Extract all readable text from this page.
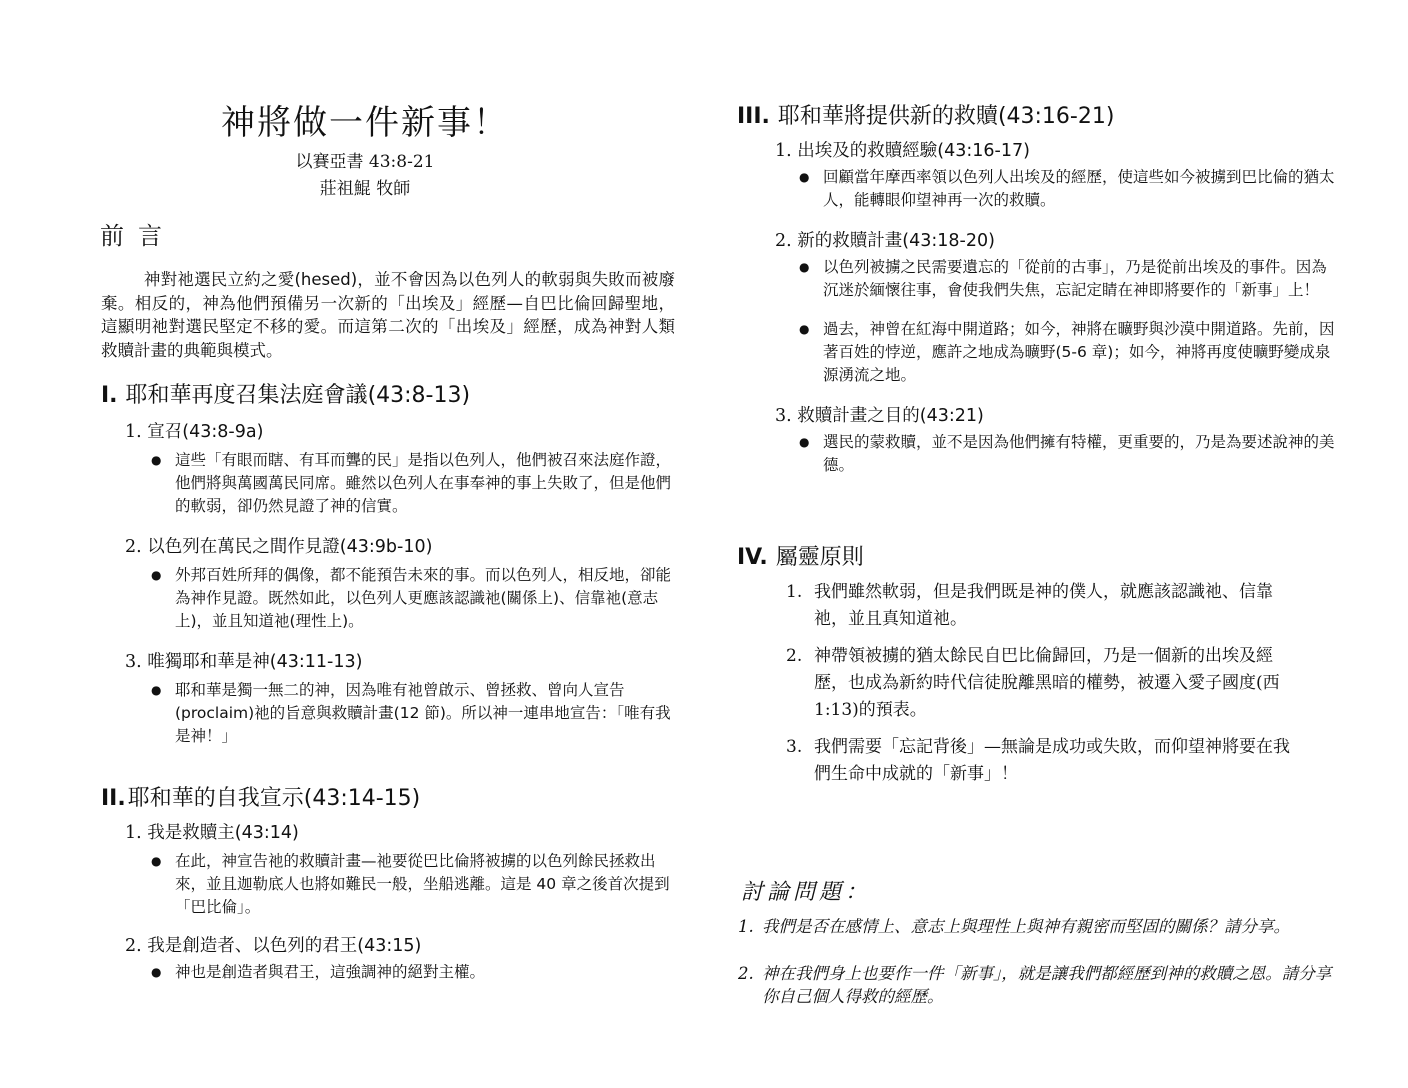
神將做一件新事！
以賽亞書 43:8-21
莊祖鯤 牧師
前言
神對祂選民立約之愛(hesed)，並不會因為以色列人的軟弱與失敗而被廢棄。相反的，神為他們預備另一次新的「出埃及」經歷—自巴比倫回歸聖地，這顯明祂對選民堅定不移的愛。而這第二次的「出埃及」經歷，成為神對人類救贖計畫的典範與模式。
I. 耶和華再度召集法庭會議(43:8-13)
1. 宣召(43:8-9a)
● 這些「有眼而瞎、有耳而聾的民」是指以色列人，他們被召來法庭作證，他們將與萬國萬民同席。雖然以色列人在事奉神的事上失敗了，但是他們的軟弱，卻仍然見證了神的信實。
2. 以色列在萬民之間作見證(43:9b-10)
● 外邦百姓所拜的偶像，都不能預告未來的事。而以色列人，相反地，卻能為神作見證。既然如此，以色列人更應該認識祂(關係上)、信靠祂(意志上)，並且知道祂(理性上)。
3. 唯獨耶和華是神(43:11-13)
● 耶和華是獨一無二的神，因為唯有祂曾啟示、曾拯救、曾向人宣告(proclaim)祂的旨意與救贖計畫(12 節)。所以神一連串地宣告：「唯有我是神！」
II.耶和華的自我宣示(43:14-15)
1. 我是救贖主(43:14)
● 在此，神宣告祂的救贖計畫—祂要從巴比倫將被擄的以色列餘民拯救出來，並且迦勒底人也將如難民一般，坐船逃離。這是 40 章之後首次提到「巴比倫」。
2. 我是創造者、以色列的君王(43:15)
● 神也是創造者與君王，這強調神的絕對主權。
III. 耶和華將提供新的救贖(43:16-21)
1. 出埃及的救贖經驗(43:16-17)
● 回顧當年摩西率領以色列人出埃及的經歷，使這些如今被擄到巴比倫的猶太人，能轉眼仰望神再一次的救贖。
2. 新的救贖計畫(43:18-20)
● 以色列被擄之民需要遺忘的「從前的古事」，乃是從前出埃及的事件。因為沉迷於緬懷往事，會使我們失焦，忘記定睛在神即將要作的「新事」上！
● 過去，神曾在紅海中開道路；如今，神將在曠野與沙漠中開道路。先前，因著百姓的悖逆，應許之地成為曠野(5-6 章)；如今，神將再度使曠野變成泉源湧流之地。
3. 救贖計畫之目的(43:21)
● 選民的蒙救贖，並不是因為他們擁有特權，更重要的，乃是為要述說神的美德。
IV. 屬靈原則
1. 我們雖然軟弱，但是我們既是神的僕人，就應該認識祂、信靠祂，並且真知道祂。
2. 神帶領被擄的猶太餘民自巴比倫歸回，乃是一個新的出埃及經歷，也成為新約時代信徒脫離黑暗的權勢，被遷入愛子國度(西 1:13)的預表。
3. 我們需要「忘記背後」—無論是成功或失敗，而仰望神將要在我們生命中成就的「新事」！
討論問題：
1. 我們是否在感情上、意志上與理性上與神有親密而堅固的關係？請分享。
2. 神在我們身上也要作一件「新事」，就是讓我們都經歷到神的救贖之恩。請分享你自己個人得救的經歷。
